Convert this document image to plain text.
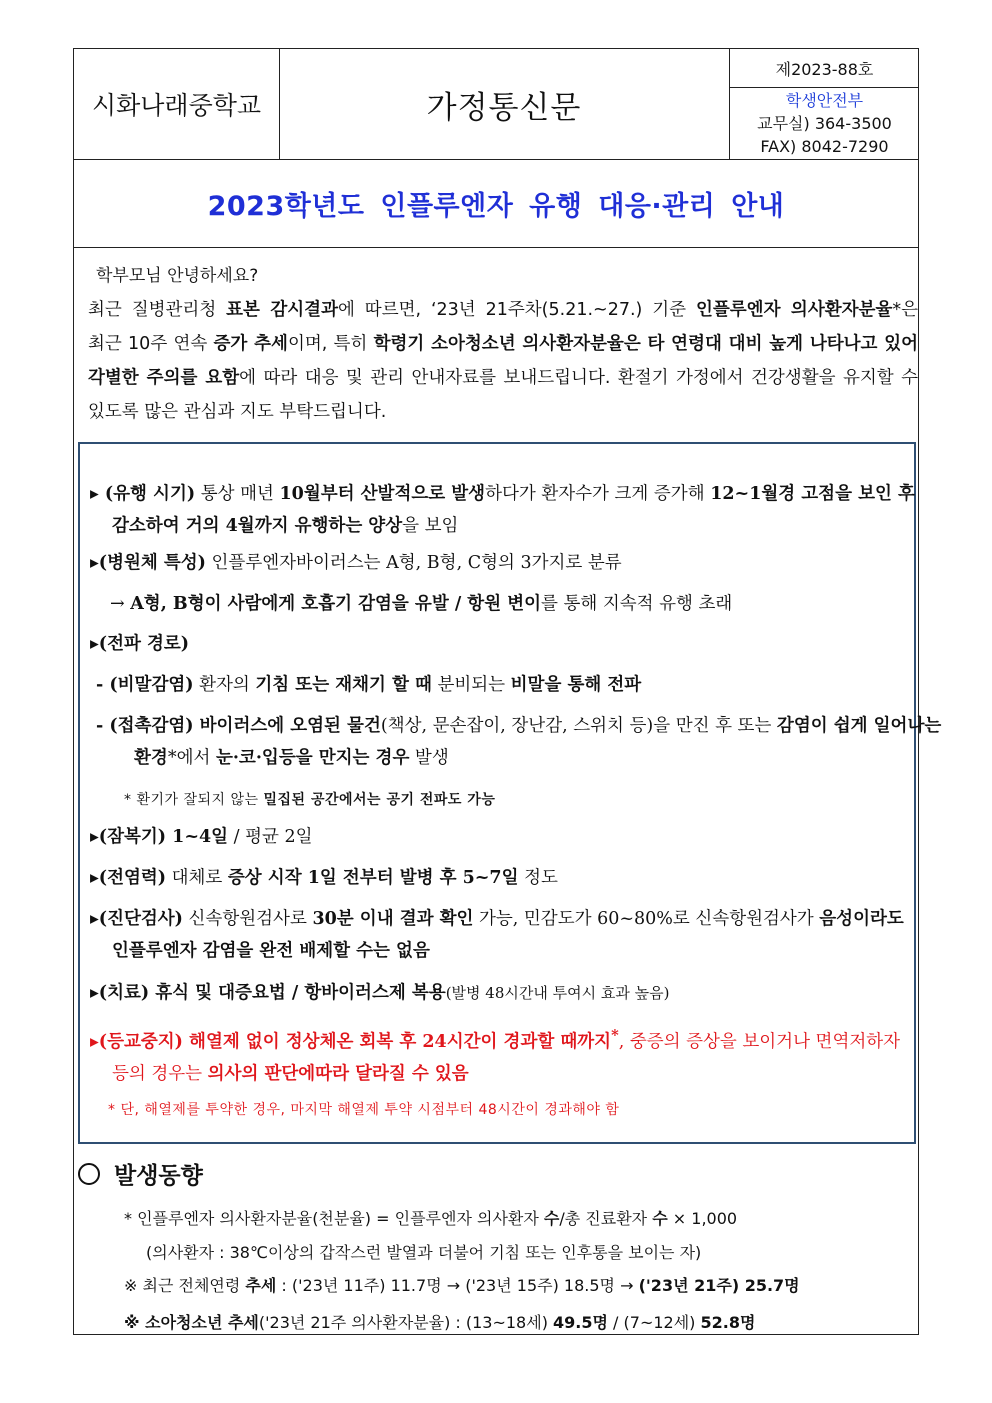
시화나래중학교	가정통신문
제2023-88호
학생안전부
교무실) 364-3500
FAX) 8042-7290
2023학년도 인플루엔자 유행 대응·관리 안내
학부모님 안녕하세요?
최근 질병관리청 표본 감시결과에 따르면, ‘23년 21주차(5.21.~27.) 기준 인플루엔자 의사환자분율*은 최근 10주 연속 증가 추세이며, 특히 학령기 소아청소년 의사환자분율은 타 연령대 대비 높게 나타나고 있어 각별한 주의를 요함에 따라 대응 및 관리 안내자료를 보내드립니다. 환절기 가정에서 건강생활을 유지할 수 있도록 많은 관심과 지도 부탁드립니다.
▸ (유행 시기) 통상 매년 10월부터 산발적으로 발생하다가 환자수가 크게 증가해 12~1월경 고점을 보인 후 감소하여 거의 4월까지 유행하는 양상을 보임
▸(병원체 특성) 인플루엔자바이러스는 A형, B형, C형의 3가지로 분류
→ A형, B형이 사람에게 호흡기 감염을 유발 / 항원 변이를 통해 지속적 유행 초래
▸(전파 경로)
- (비말감염) 환자의 기침 또는 재채기 할 때 분비되는 비말을 통해 전파
- (접촉감염) 바이러스에 오염된 물건(책상, 문손잡이, 장난감, 스위치 등)을 만진 후 또는 감염이 쉽게 일어나는 환경*에서 눈·코·입등을 만지는 경우 발생
* 환기가 잘되지 않는 밀집된 공간에서는 공기 전파도 가능
▸(잠복기) 1~4일 / 평균 2일
▸(전염력) 대체로 증상 시작 1일 전부터 발병 후 5~7일 정도
▸(진단검사) 신속항원검사로 30분 이내 결과 확인 가능, 민감도가 60~80%로 신속항원검사가 음성이라도 인플루엔자 감염을 완전 배제할 수는 없음
▸(치료) 휴식 및 대증요법 / 항바이러스제 복용(발병 48시간내 투여시 효과 높음)
▸(등교중지) 해열제 없이 정상체온 회복 후 24시간이 경과할 때까지*, 중증의 증상을 보이거나 면역저하자 등의 경우는 의사의 판단에따라 달라질 수 있음
* 단, 해열제를 투약한 경우, 마지막 해열제 투약 시점부터 48시간이 경과해야 함
발생동향
* 인플루엔자 의사환자분율(천분율) = 인플루엔자 의사환자 수/총 진료환자 수 × 1,000
(의사환자 : 38℃이상의 갑작스런 발열과 더불어 기침 또는 인후통을 보이는 자)
※ 최근 전체연령 추세 : ('23년 11주) 11.7명 → ('23년 15주) 18.5명 → ('23년 21주) 25.7명
※ 소아청소년 추세('23년 21주 의사환자분율) : (13~18세) 49.5명 / (7~12세) 52.8명
